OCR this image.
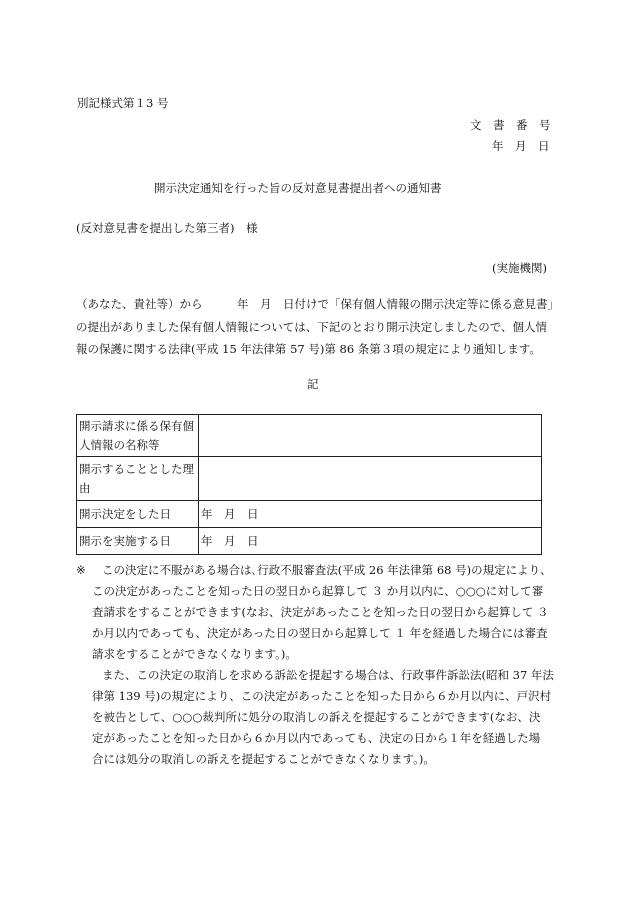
別記様式第１3 号
文　書　番　号
年　月　日
開示決定通知を行った旨の反対意見書提出者への通知書
(反対意見書を提出した第三者)　様
(実施機関)
（あなた、貴社等）から　　　年　月　日付けで「保有個人情報の開示決定等に係る意見書」
の提出がありました保有個人情報については、下記のとおり開示決定しましたので、個人情
報の保護に関する法律(平成 15 年法律第 57 号)第 86 条第３項の規定により通知します。
記
開示請求に係る保有個人情報の名称等	
開示することとした理由	
開示決定をした日	年　月　日
開示を実施する日	年　月　日
※	この決定に不服がある場合は､行政不服審査法(平成 26 年法律第 68 号)の規定により、
この決定があったことを知った日の翌日から起算して ３ か月以内に、○○○に対して審
査請求をすることができます(なお、決定があったことを知った日の翌日から起算して ３
か月以内であっても、決定があった日の翌日から起算して １ 年を経過した場合には審査
請求をすることができなくなります。)。
また、この決定の取消しを求める訴訟を提起する場合は、行政事件訴訟法(昭和 37 年法
律第 139 号)の規定により、この決定があったことを知った日から６か月以内に、戸沢村
を被告として、○○○裁判所に処分の取消しの訴えを提起することができます(なお、決
定があったことを知った日から６か月以内であっても、決定の日から１年を経過した場
合には処分の取消しの訴えを提起することができなくなります。)。
